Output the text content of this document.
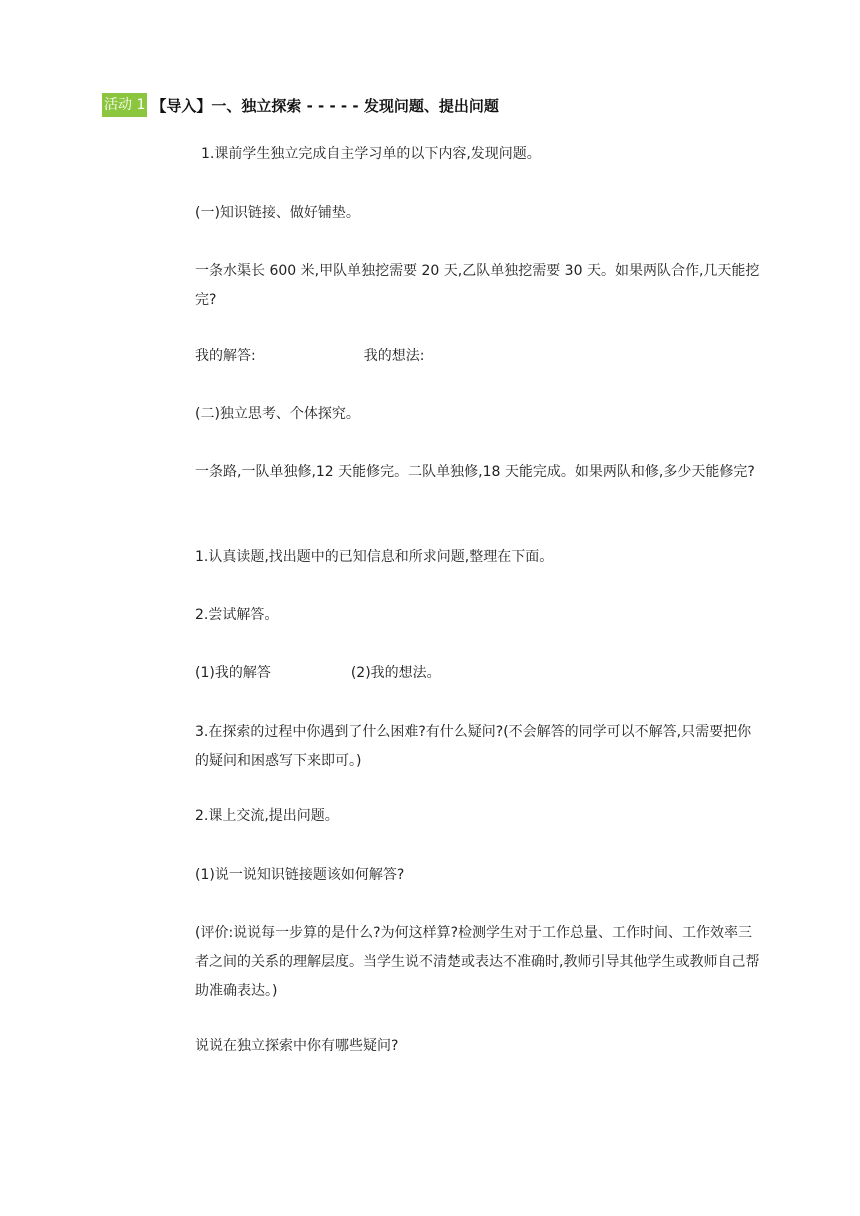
活动 1 【导入】一、独立探索 - - - - - 发现问题、提出问题

1.课前学生独立完成自主学习单的以下内容,发现问题。

(一)知识链接、做好铺垫。

一条水渠长 600 米,甲队单独挖需要 20 天,乙队单独挖需要 30 天。如果两队合作,几天能挖完?

我的解答:	我的想法:

(二)独立思考、个体探究。

一条路,一队单独修,12 天能修完。二队单独修,18 天能完成。如果两队和修,多少天能修完?

1.认真读题,找出题中的已知信息和所求问题,整理在下面。

2.尝试解答。

(1)我的解答	(2)我的想法。

3.在探索的过程中你遇到了什么困难?有什么疑问?(不会解答的同学可以不解答,只需要把你的疑问和困惑写下来即可。)

2.课上交流,提出问题。

(1)说一说知识链接题该如何解答?

(评价:说说每一步算的是什么?为何这样算?检测学生对于工作总量、工作时间、工作效率三者之间的关系的理解层度。当学生说不清楚或表达不准确时,教师引导其他学生或教师自己帮助准确表达。)

说说在独立探索中你有哪些疑问?
